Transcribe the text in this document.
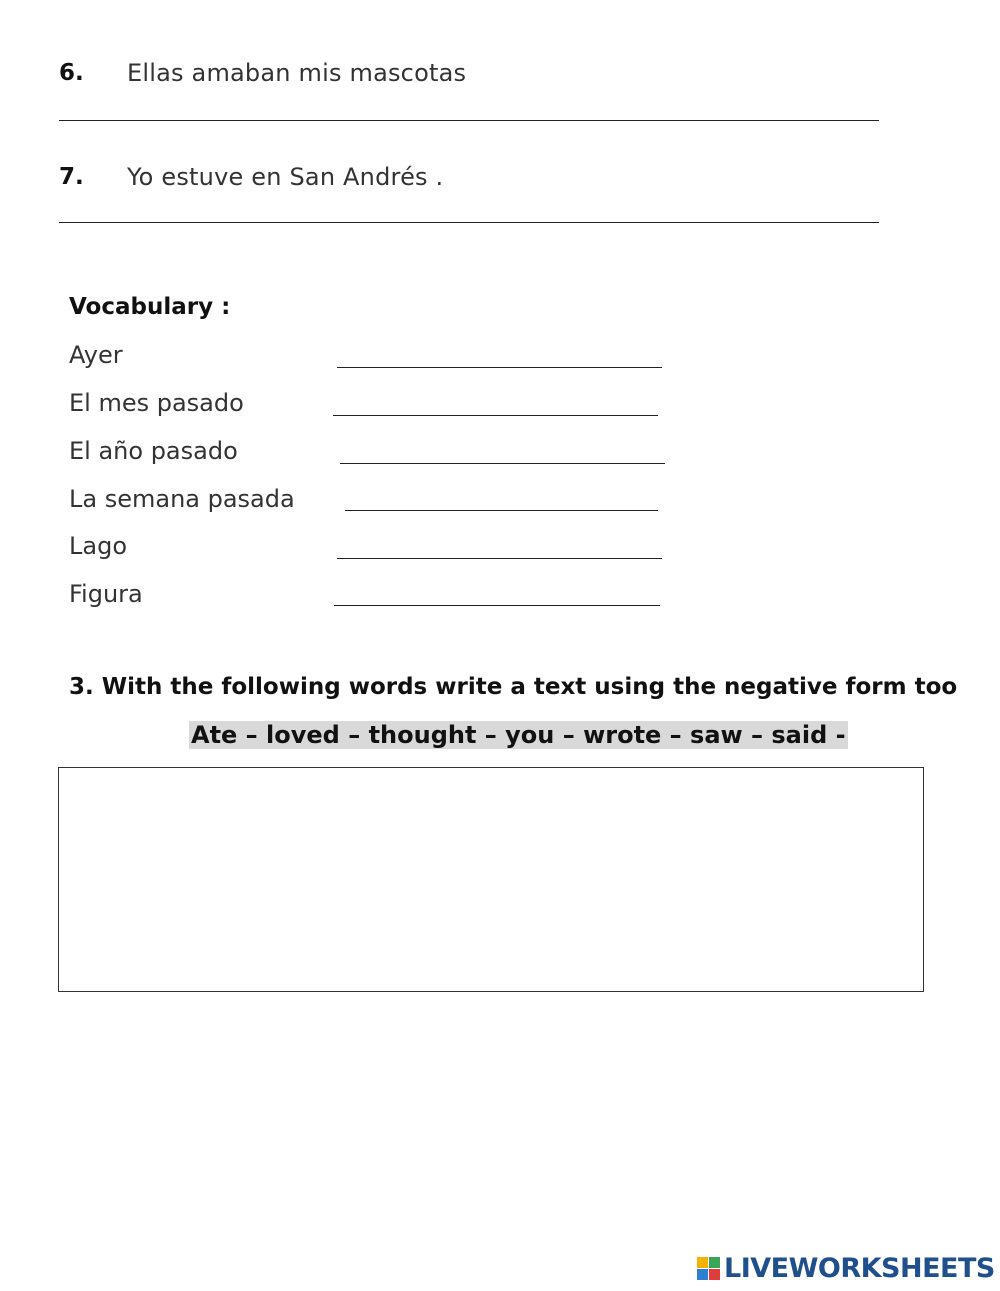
6. Ellas amaban mis mascotas
7. Yo estuve en San Andrés .
Vocabulary :
Ayer
El mes pasado
El año pasado
La semana pasada
Lago
Figura
3. With the following words write a text using the negative form too
Ate – loved – thought – you – wrote – saw – said -
LIVEWORKSHEETS
